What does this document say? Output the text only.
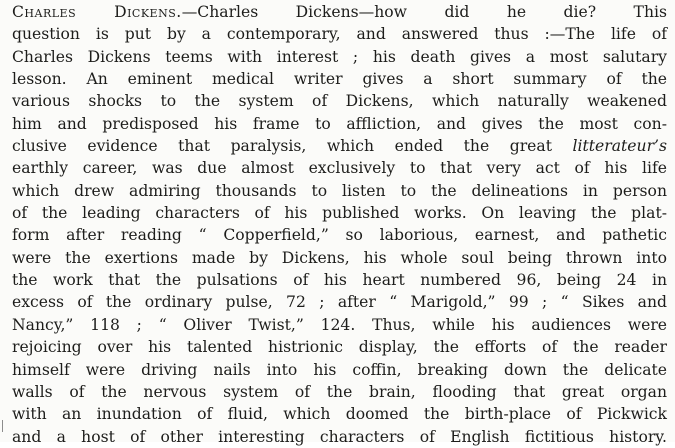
Charles Dickens.—Charles Dickens—how did he die? This
question is put by a contemporary, and answered thus :—The life of
Charles Dickens teems with interest ; his death gives a most salutary
lesson. An eminent medical writer gives a short summary of the
various shocks to the system of Dickens, which naturally weakened
him and predisposed his frame to affliction, and gives the most con-
clusive evidence that paralysis, which ended the great litterateur’s
earthly career, was due almost exclusively to that very act of his life
which drew admiring thousands to listen to the delineations in person
of the leading characters of his published works. On leaving the plat-
form after reading “ Copperfield,” so laborious, earnest, and pathetic
were the exertions made by Dickens, his whole soul being thrown into
the work that the pulsations of his heart numbered 96, being 24 in
excess of the ordinary pulse, 72 ; after “ Marigold,” 99 ; “ Sikes and
Nancy,” 118 ; “ Oliver Twist,” 124. Thus, while his audiences were
rejoicing over his talented histrionic display, the efforts of the reader
himself were driving nails into his coffin, breaking down the delicate
walls of the nervous system of the brain, flooding that great organ
with an inundation of fluid, which doomed the birth-place of Pickwick
and a host of other interesting characters of English fictitious history.
